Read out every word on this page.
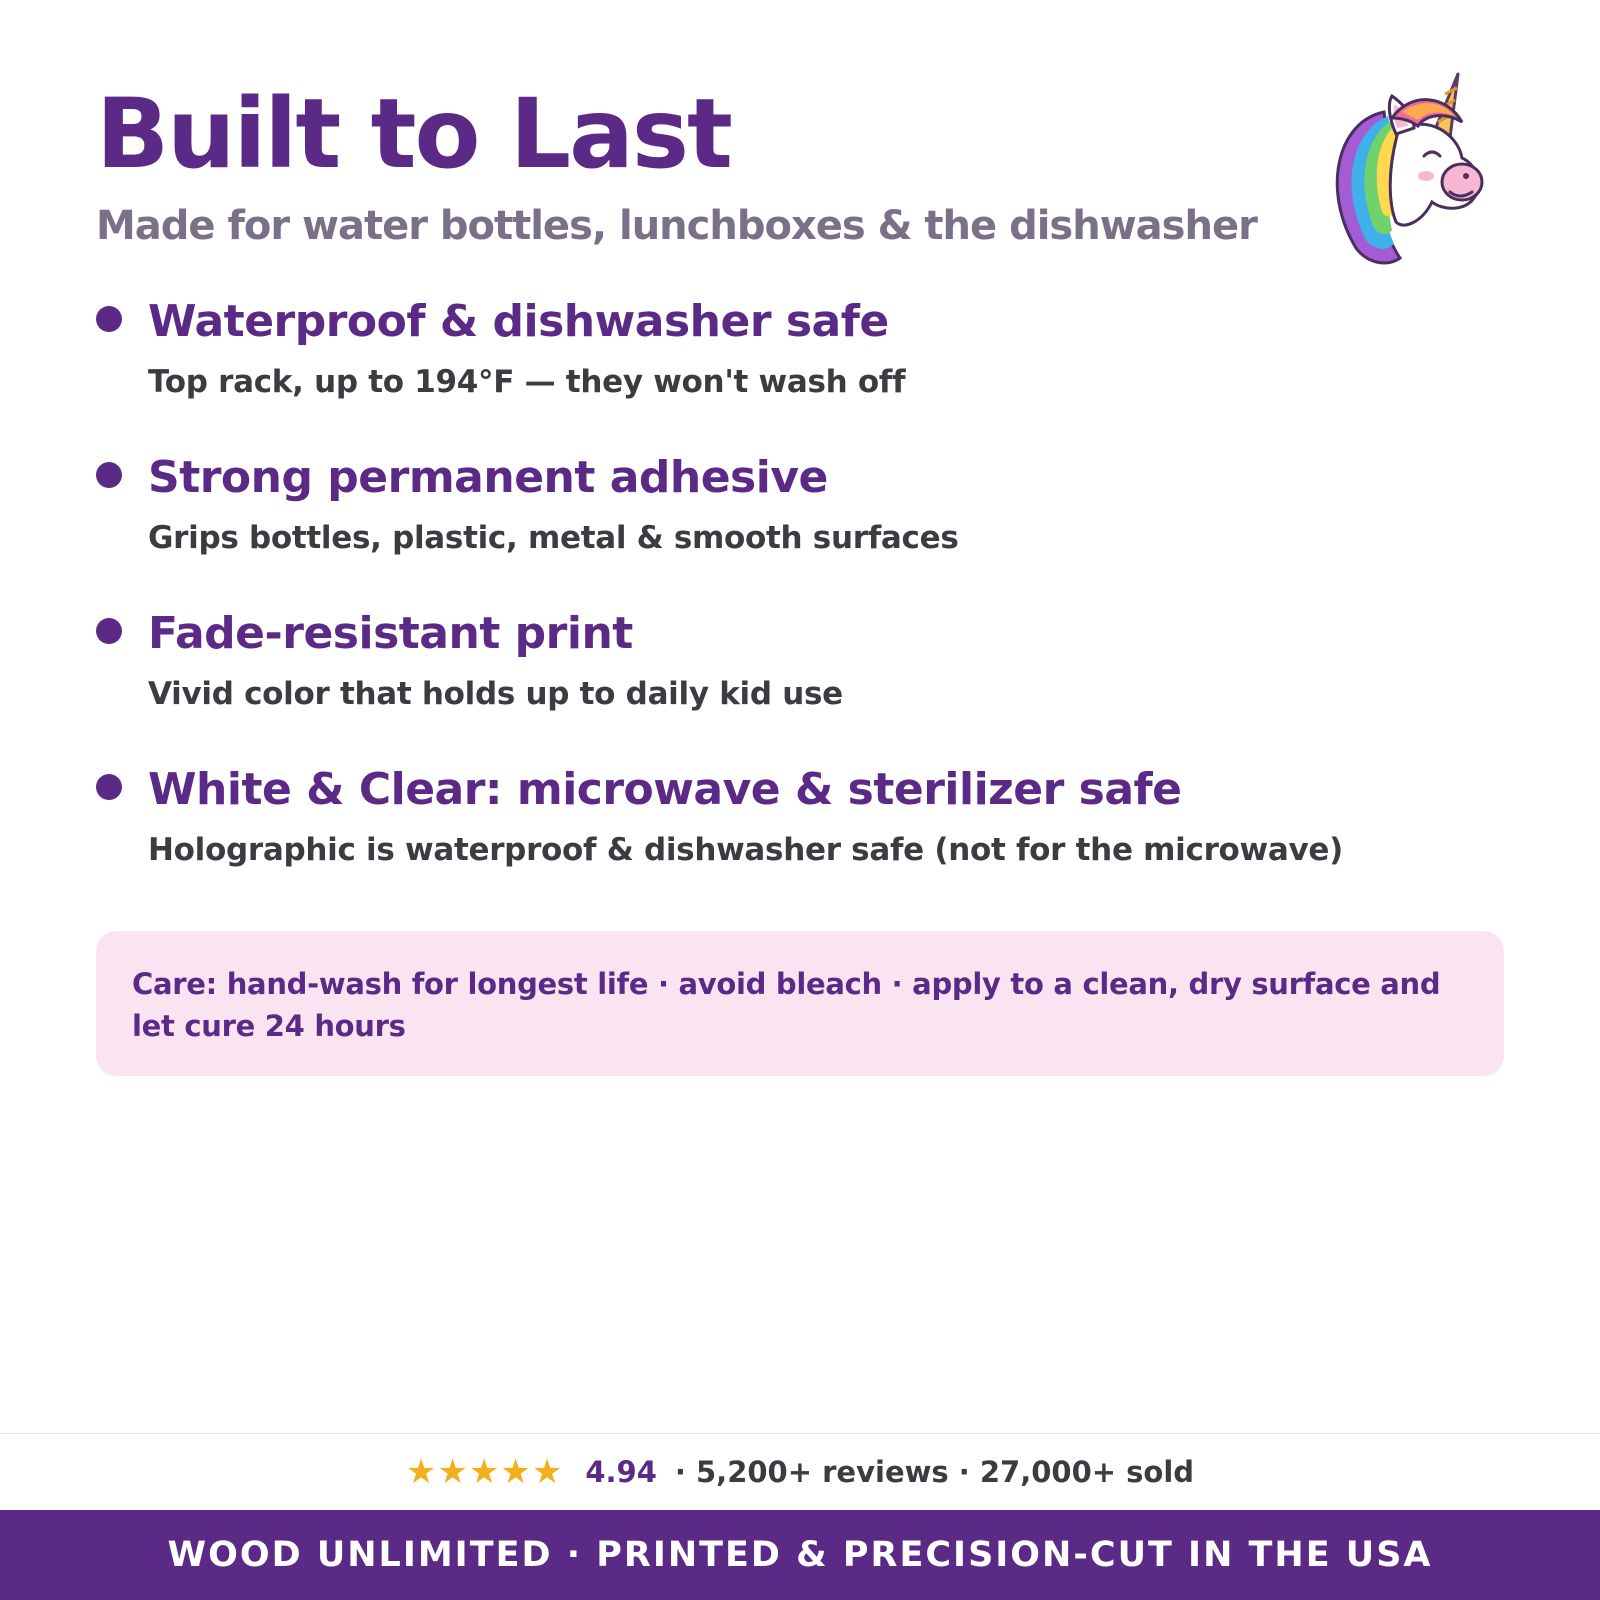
Built to Last
Made for water bottles, lunchboxes & the dishwasher
Waterproof & dishwasher safe

Top rack, up to 194°F — they won't wash off

Strong permanent adhesive

Grips bottles, plastic, metal & smooth surfaces

Fade-resistant print

Vivid color that holds up to daily kid use

White & Clear: microwave & sterilizer safe

Holographic is waterproof & dishwasher safe (not for the microwave)

Care: hand-wash for longest life · avoid bleach · apply to a clean, dry surface and let cure 24 hours

★★★★★ 4.94 · 5,200+ reviews · 27,000+ sold
WOOD UNLIMITED · PRINTED & PRECISION-CUT IN THE USA
